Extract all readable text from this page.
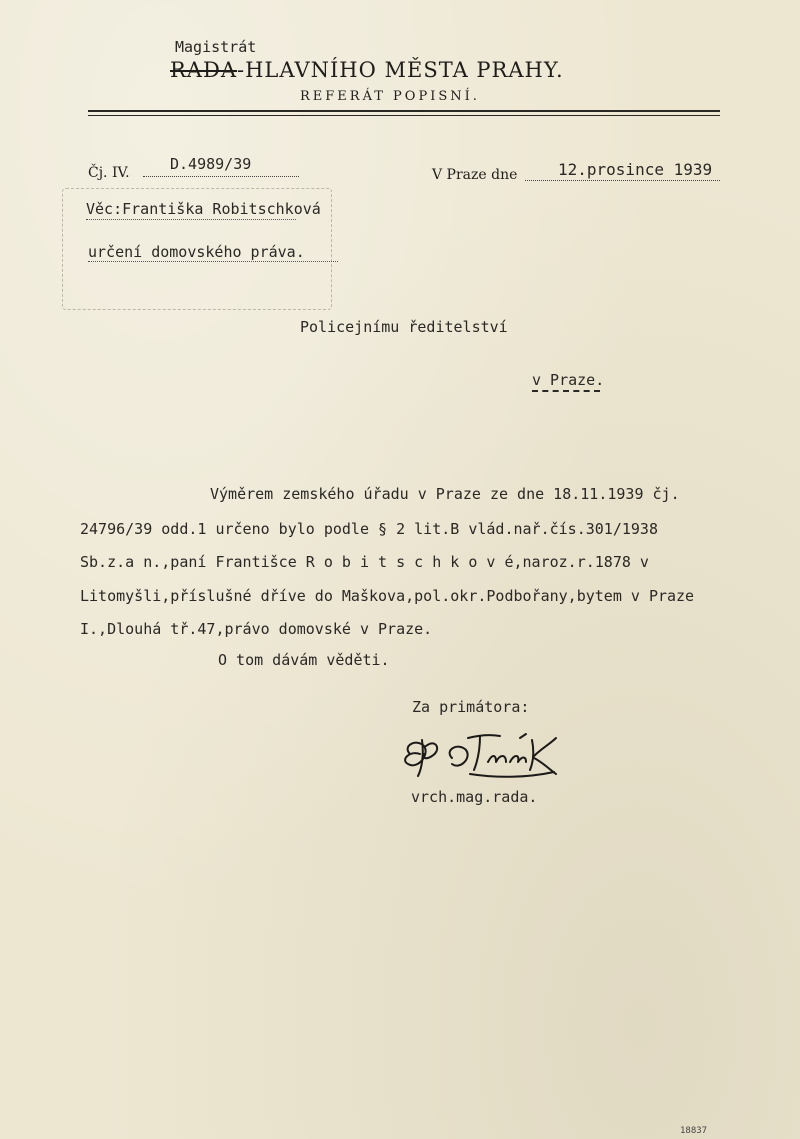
Magistrát
RADA-HLAVNÍHO MĚSTA PRAHY.
REFERÁT POPISNÍ.
Čj. IV.	D.4989/39
V Praze dne	12.prosince 1939
Věc:Františka Robitschková
určení domovského práva.
Policejnímu ředitelství
v Praze.
Výměrem zemského úřadu v Praze ze dne 18.11.1939 čj.
24796/39 odd.1 určeno bylo podle § 2 lit.B vlád.nař.čís.301/1938
Sb.z.a n.,paní Františce R o b i t s c h k o v é,naroz.r.1878 v
Litomyšli,příslušné dříve do Maškova,pol.okr.Podbořany,bytem v Praze
I.,Dlouhá tř.47,právo domovské v Praze.
O tom dávám věděti.
Za primátora:
vrch.mag.rada.
18837
